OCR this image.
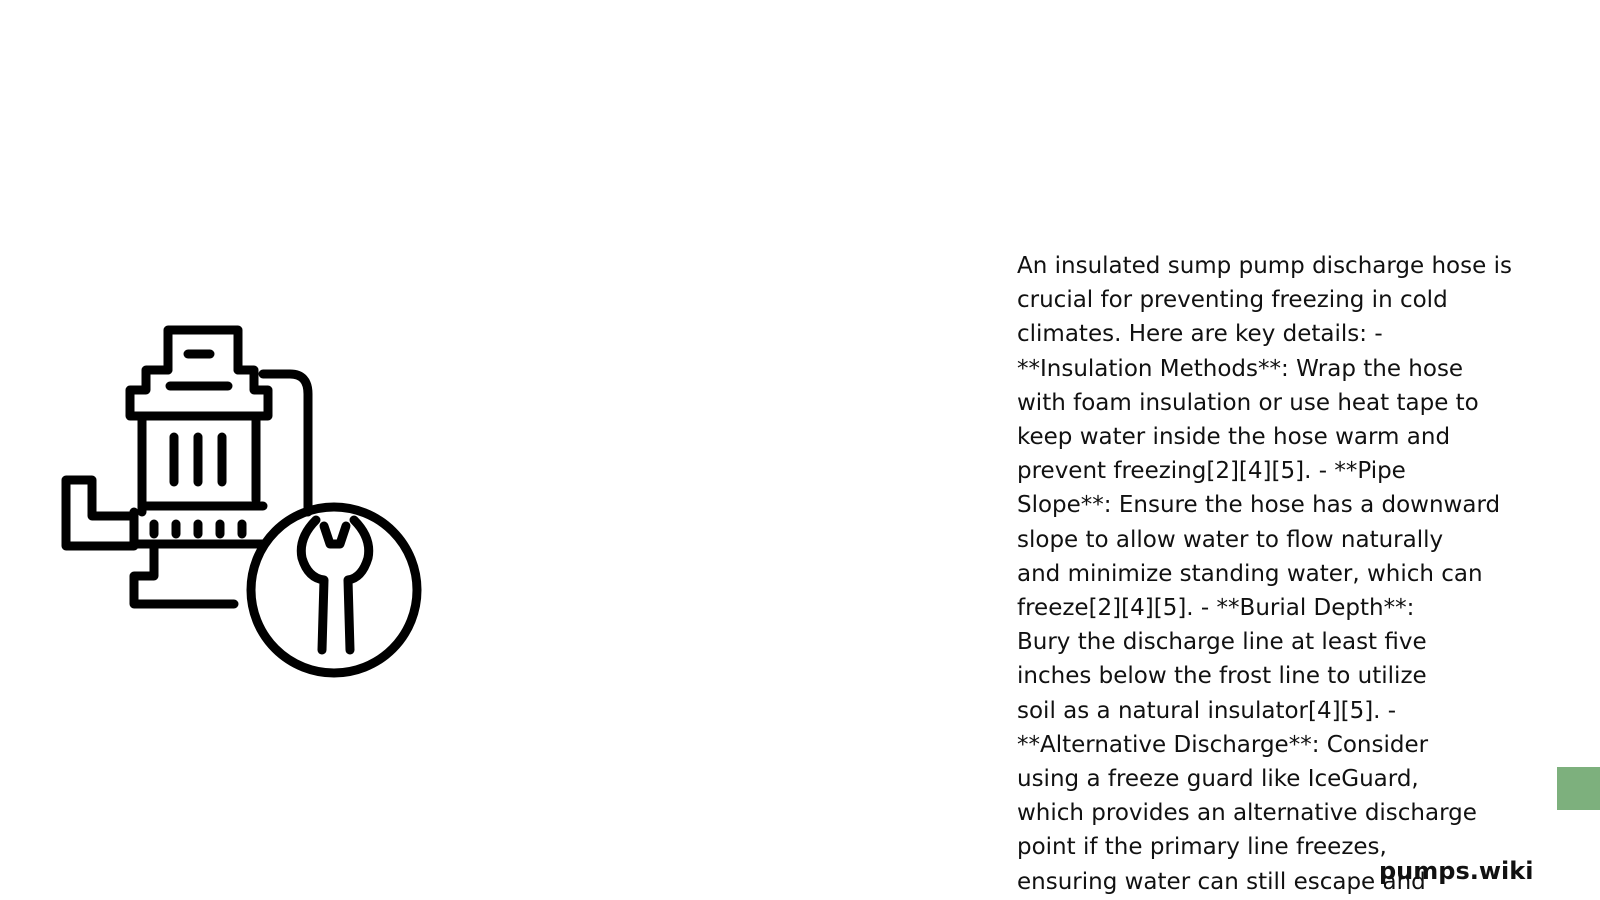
An insulated sump pump discharge hose is
crucial for preventing freezing in cold
climates. Here are key details: -
**Insulation Methods**: Wrap the hose
with foam insulation or use heat tape to
keep water inside the hose warm and
prevent freezing[2][4][5]. - **Pipe
Slope**: Ensure the hose has a downward
slope to allow water to flow naturally
and minimize standing water, which can
freeze[2][4][5]. - **Burial Depth**:
Bury the discharge line at least five
inches below the frost line to utilize
soil as a natural insulator[4][5]. -
**Alternative Discharge**: Consider
using a freeze guard like IceGuard,
which provides an alternative discharge
point if the primary line freezes,
ensuring water can still escape and

pumps.wiki
